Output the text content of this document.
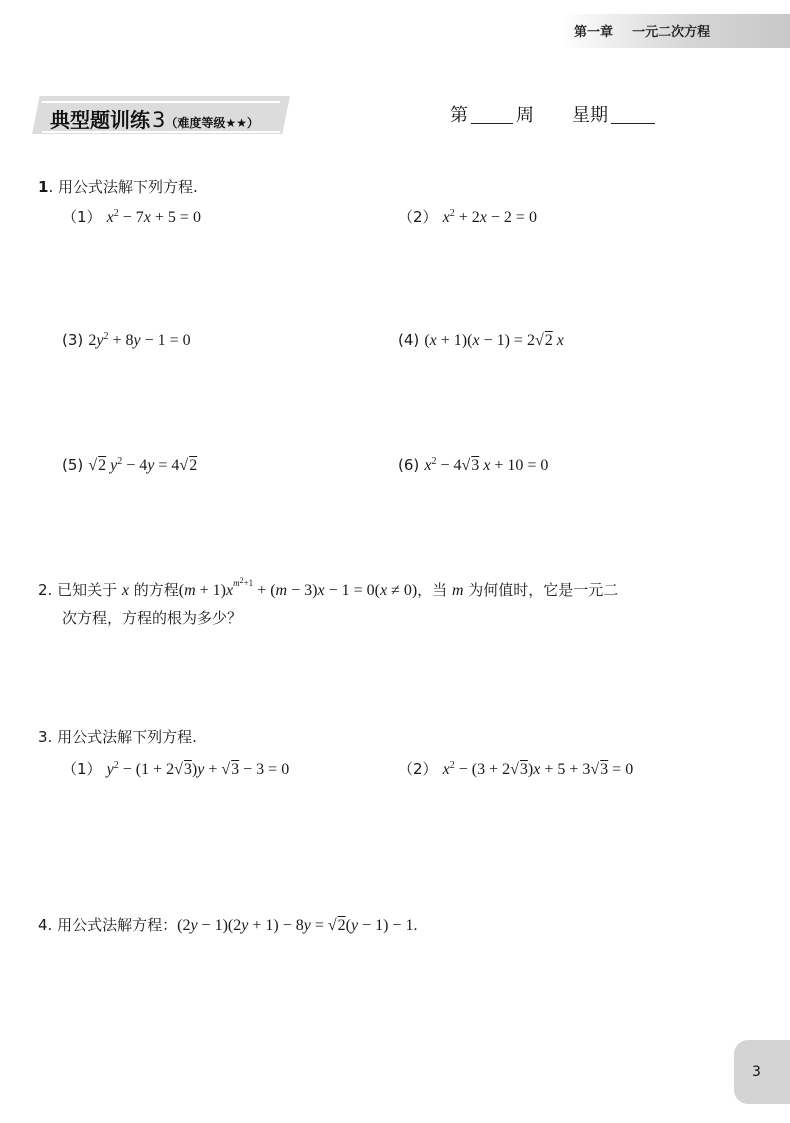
第一章 一元二次方程
典型题训练3（难度等级★★）	第	周 星期
1. 用公式法解下列方程.
（1） $x^2 - 7x + 5 = 0$	（2） $x^2 + 2x - 2 = 0$
(3) $2y^2 + 8y - 1 = 0$	(4) (x + 1)(x − 1) = 2√2 x
(5) √2 $y^2 - 4y = 4√2$	(6) $x^2 - 4√3$ x + 10 = 0
2. 已知关于 x 的方程$(m + 1)x^{m2+1} + (m - 3)x - 1 = 0(x \ne 0)$，当 m 为何值时，它是一元二
次方程，方程的根为多少？
3. 用公式法解下列方程.
（1） $y^2 - (1 + 2√3)y + √3 - 3 = 0$	（2） $x^2 - (3 + 2√3)x + 5 + 3√3 = 0$
4. 用公式法解方程：(2y − 1)(2y + 1) − 8y = √2(y − 1) − 1.
3
